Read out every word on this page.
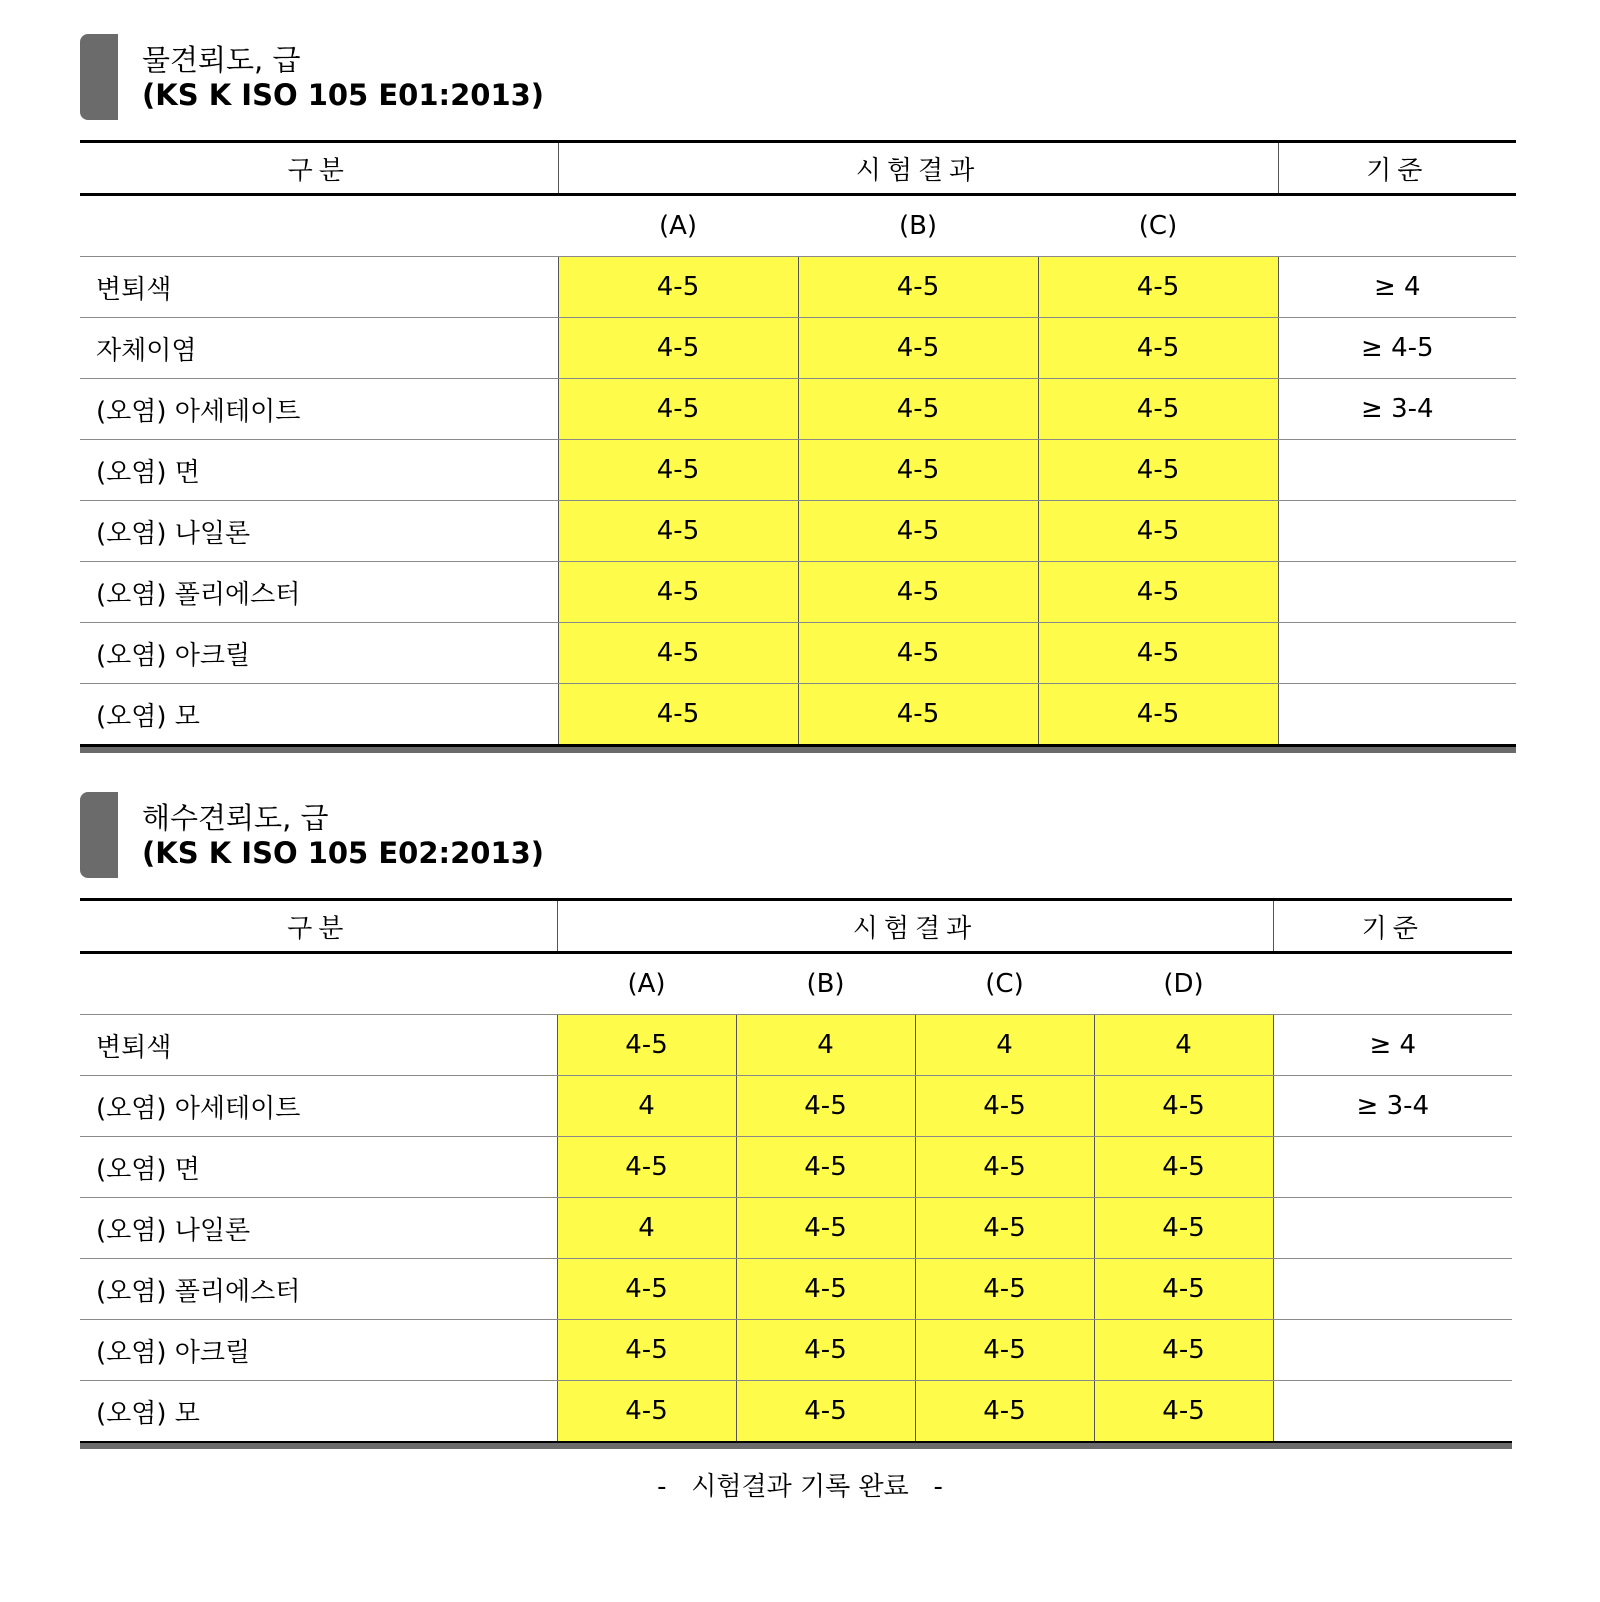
물견뢰도, 급
(KS K ISO 105 E01:2013)
구분	시험결과			기준
	(A)	(B)	(C)	
변퇴색	4-5	4-5	4-5	≥ 4
자체이염	4-5	4-5	4-5	≥ 4-5
(오염) 아세테이트	4-5	4-5	4-5	≥ 3-4
(오염) 면	4-5	4-5	4-5	
(오염) 나일론	4-5	4-5	4-5	
(오염) 폴리에스터	4-5	4-5	4-5	
(오염) 아크릴	4-5	4-5	4-5	
(오염) 모	4-5	4-5	4-5	
해수견뢰도, 급
(KS K ISO 105 E02:2013)
구분	시험결과				기준
	(A)	(B)	(C)	(D)	
변퇴색	4-5	4	4	4	≥ 4
(오염) 아세테이트	4	4-5	4-5	4-5	≥ 3-4
(오염) 면	4-5	4-5	4-5	4-5	
(오염) 나일론	4	4-5	4-5	4-5	
(오염) 폴리에스터	4-5	4-5	4-5	4-5	
(오염) 아크릴	4-5	4-5	4-5	4-5	
(오염) 모	4-5	4-5	4-5	4-5	
-   시험결과 기록 완료   -
